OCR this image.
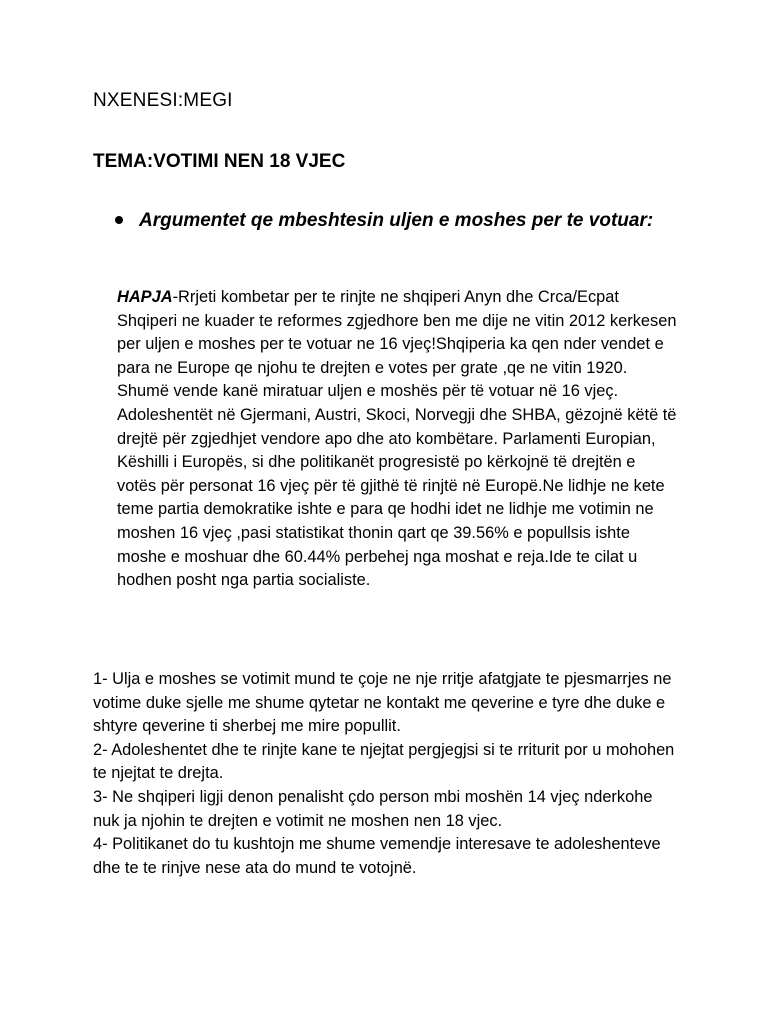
NXENESI:MEGI
TEMA:VOTIMI NEN 18 VJEC
Argumentet qe mbeshtesin uljen e moshes per te votuar:
HAPJA-Rrjeti kombetar per te rinjte ne shqiperi Anyn dhe Crca/Ecpat Shqiperi ne kuader te reformes zgjedhore ben me dije ne vitin 2012 kerkesen per uljen e moshes per te votuar ne 16 vjeç!Shqiperia ka qen nder vendet e para ne Europe qe njohu te drejten e votes per grate ,qe ne vitin 1920. Shumë vende kanë miratuar uljen e moshës për të votuar në 16 vjeç. Adoleshentët në Gjermani, Austri, Skoci, Norvegji dhe SHBA, gëzojnë këtë të drejtë për zgjedhjet vendore apo dhe ato kombëtare. Parlamenti Europian, Këshilli i Europës, si dhe politikanët progresistë po kërkojnë të drejtën e votës për personat 16 vjeç për të gjithë të rinjtë në Europë.Ne lidhje ne kete teme partia demokratike ishte e para qe hodhi idet ne lidhje me votimin ne moshen 16 vjeç ,pasi statistikat thonin qart qe 39.56% e popullsis ishte moshe e moshuar dhe 60.44% perbehej nga moshat e reja.Ide te cilat u hodhen posht nga partia socialiste.

1- Ulja e moshes se votimit mund te çoje ne nje rritje afatgjate te pjesmarrjes ne votime duke sjelle me shume qytetar ne kontakt me qeverine e tyre dhe duke e shtyre qeverine ti sherbej me mire popullit.

2- Adoleshentet dhe te rinjte kane te njejtat pergjegjsi si te rriturit por u mohohen te njejtat te drejta.

3- Ne shqiperi ligji denon penalisht çdo person mbi moshën 14 vjeç nderkohe nuk ja njohin te drejten e votimit ne moshen nen 18 vjec.

4- Politikanet do tu kushtojn me shume vemendje interesave te adoleshenteve dhe te te rinjve nese ata do mund te votojnë.
